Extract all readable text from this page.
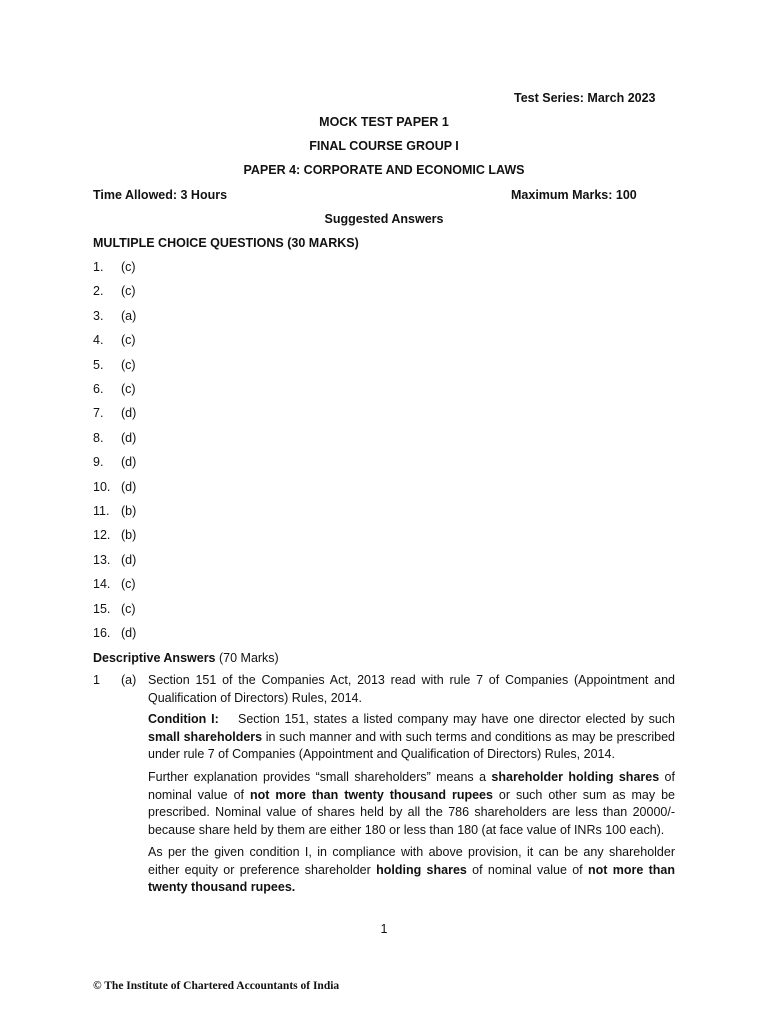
Test Series: March 2023
MOCK TEST PAPER 1
FINAL COURSE GROUP I
PAPER 4: CORPORATE AND ECONOMIC LAWS
Time Allowed: 3 Hours	Maximum Marks: 100
Suggested Answers
MULTIPLE CHOICE QUESTIONS (30 MARKS)
1. (c)
2. (c)
3. (a)
4. (c)
5. (c)
6. (c)
7. (d)
8. (d)
9. (d)
10. (d)
11. (b)
12. (b)
13. (d)
14. (c)
15. (c)
16. (d)
Descriptive Answers (70 Marks)
1 (a) Section 151 of the Companies Act, 2013 read with rule 7 of Companies (Appointment and Qualification of Directors) Rules, 2014.
Condition I:    Section 151, states a listed company may have one director elected by such small shareholders in such manner and with such terms and conditions as may be prescribed under rule 7 of Companies (Appointment and Qualification of Directors) Rules, 2014.
Further explanation provides “small shareholders” means a shareholder holding shares of nominal value of not more than twenty thousand rupees or such other sum as may be prescribed. Nominal value of shares held by all the 786 shareholders are less than 20000/- because share held by them are either 180 or less than 180 (at face value of INRs 100 each).
As per the given condition I, in compliance with above provision, it can be any shareholder either equity or preference shareholder holding shares of nominal value of not more than twenty thousand rupees.
1
© The Institute of Chartered Accountants of India
